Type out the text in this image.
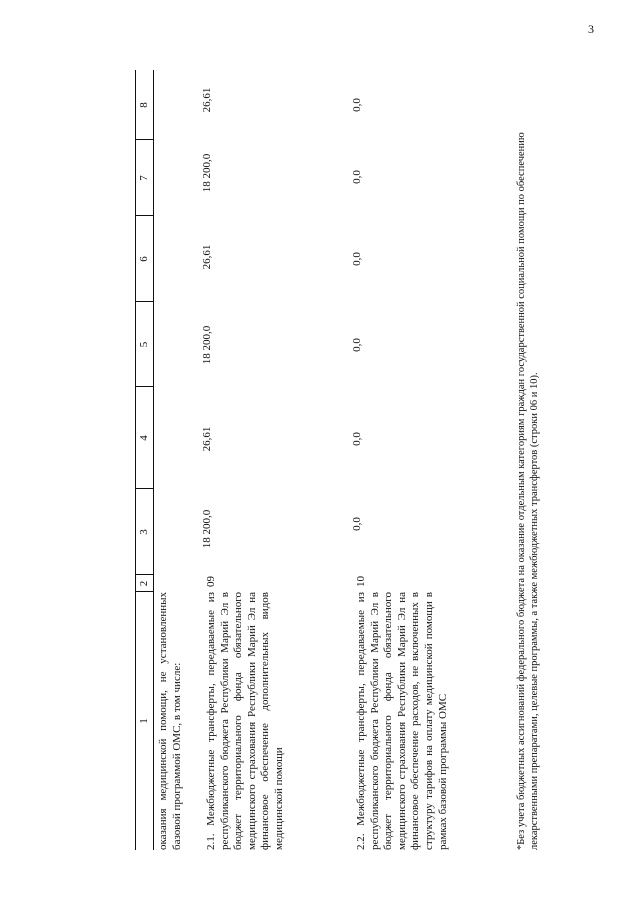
3
1
2
3
4
5
6
7
8
оказания медицинской помощи, не установленных базовой программой ОМС, в том числе: 2.1. Межбюджетные трансферты, передаваемые из республиканского бюджета Республики Марий Эл в бюджет территориального фонда обязательного медицинского страхования Республики Марий Эл на финансовое обеспечение дополнительных видов медицинской помощи
09
18 200,0
26,61
18 200,0
26,61
18 200,0
26,61
2.2. Межбюджетные трансферты, передаваемые из республиканского бюджета Республики Марий Эл в бюджет территориального фонда обязательного медицинского страхования Республики Марий Эл на финансовое обеспечение расходов, не включенных в структуру тарифов на оплату медицинской помощи в рамках базовой программы ОМС
10
0,0
0,0
0,0
0,0
0,0
0,0
*Без учета бюджетных ассигнований федерального бюджета на оказание отдельным категориям граждан государственной социальной помощи по обеспечению лекарственными препаратами, целевые программы, а также межбюджетных трансфертов (строки 06 и 10).
